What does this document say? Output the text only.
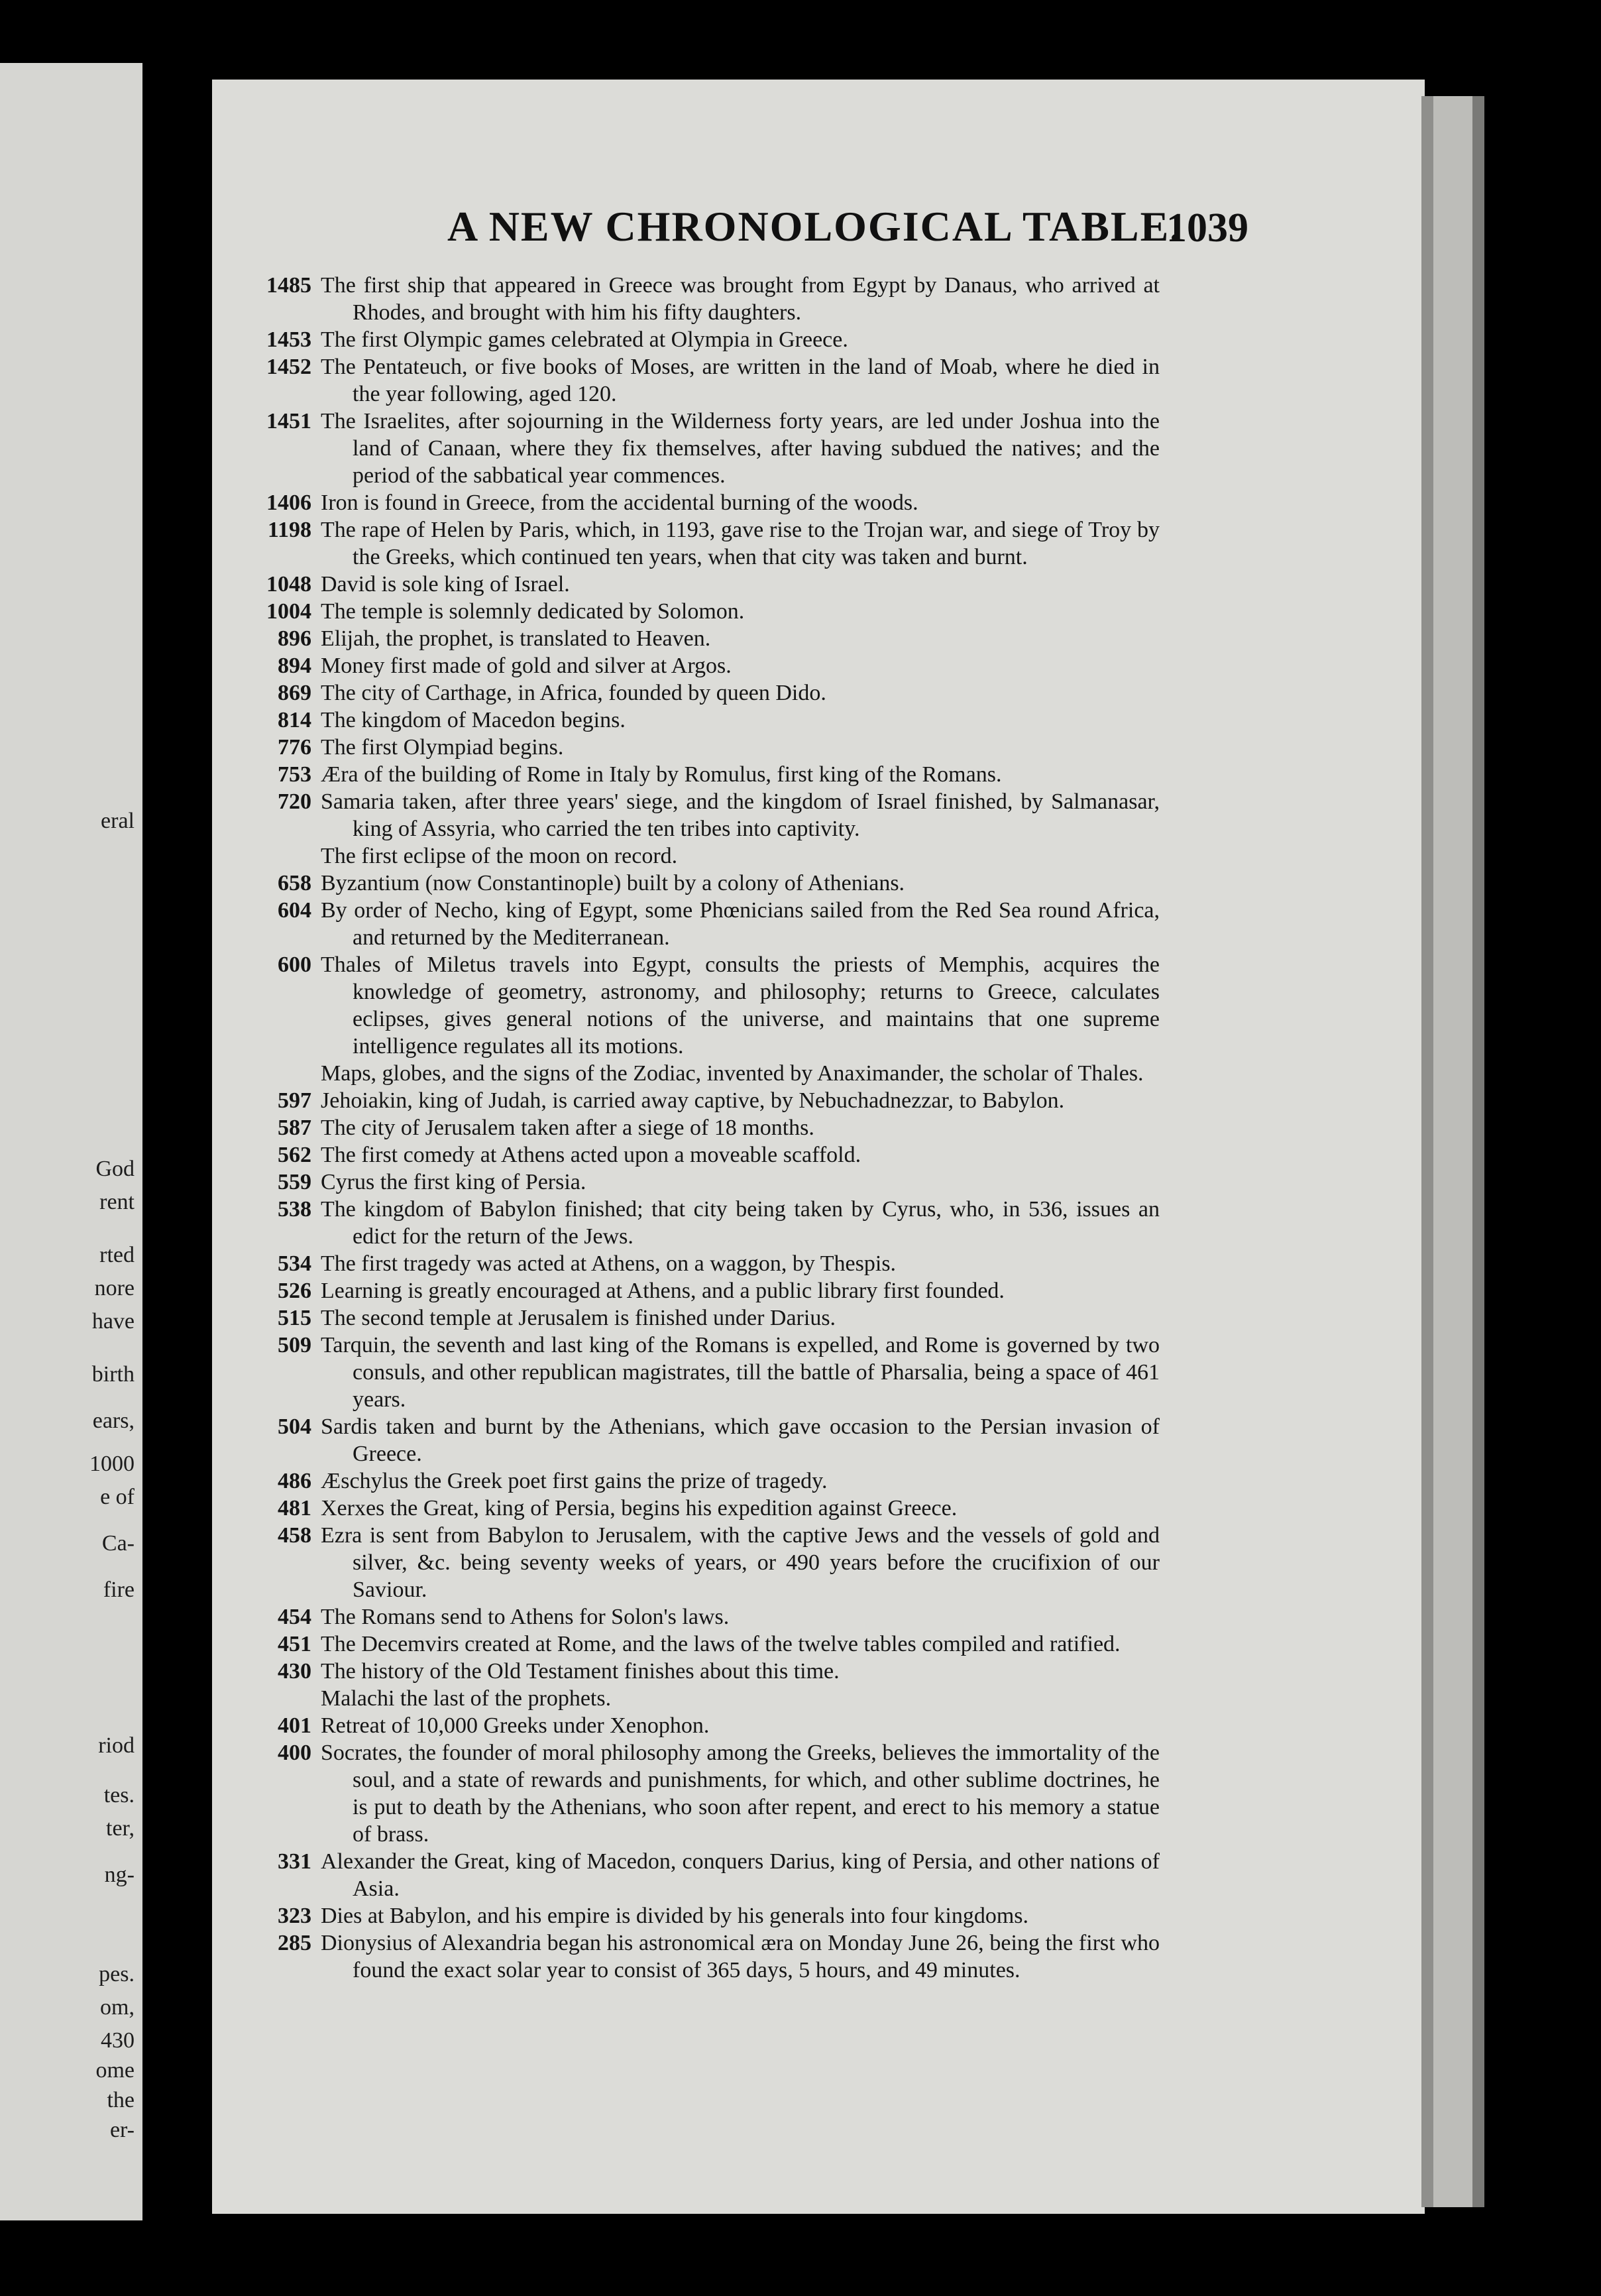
eral
God
rent
rted
nore
have
birth
ears,
1000
e of
Ca-
fire
riod
tes.
ter,
ng-
pes.
om,
430
ome
the
er-
A NEW CHRONOLOGICAL TABLE.
1039
1485 The first ship that appeared in Greece was brought from Egypt by Danaus, who arrived at Rhodes, and brought with him his fifty daughters.
1453 The first Olympic games celebrated at Olympia in Greece.
1452 The Pentateuch, or five books of Moses, are written in the land of Moab, where he died in the year following, aged 120.
1451 The Israelites, after sojourning in the Wilderness forty years, are led under Joshua into the land of Canaan, where they fix themselves, after having subdued the natives; and the period of the sabbatical year commences.
1406 Iron is found in Greece, from the accidental burning of the woods.
1198 The rape of Helen by Paris, which, in 1193, gave rise to the Trojan war, and siege of Troy by the Greeks, which continued ten years, when that city was taken and burnt.
1048 David is sole king of Israel.
1004 The temple is solemnly dedicated by Solomon.
896 Elijah, the prophet, is translated to Heaven.
894 Money first made of gold and silver at Argos.
869 The city of Carthage, in Africa, founded by queen Dido.
814 The kingdom of Macedon begins.
776 The first Olympiad begins.
753 Æra of the building of Rome in Italy by Romulus, first king of the Romans.
720 Samaria taken, after three years' siege, and the kingdom of Israel finished, by Salmanasar, king of Assyria, who carried the ten tribes into captivity.
The first eclipse of the moon on record.
658 Byzantium (now Constantinople) built by a colony of Athenians.
604 By order of Necho, king of Egypt, some Phœnicians sailed from the Red Sea round Africa, and returned by the Mediterranean.
600 Thales of Miletus travels into Egypt, consults the priests of Memphis, acquires the knowledge of geometry, astronomy, and philosophy; returns to Greece, calculates eclipses, gives general notions of the universe, and maintains that one supreme intelligence regulates all its motions.
Maps, globes, and the signs of the Zodiac, invented by Anaximander, the scholar of Thales.
597 Jehoiakin, king of Judah, is carried away captive, by Nebuchadnezzar, to Babylon.
587 The city of Jerusalem taken after a siege of 18 months.
562 The first comedy at Athens acted upon a moveable scaffold.
559 Cyrus the first king of Persia.
538 The kingdom of Babylon finished; that city being taken by Cyrus, who, in 536, issues an edict for the return of the Jews.
534 The first tragedy was acted at Athens, on a waggon, by Thespis.
526 Learning is greatly encouraged at Athens, and a public library first founded.
515 The second temple at Jerusalem is finished under Darius.
509 Tarquin, the seventh and last king of the Romans is expelled, and Rome is governed by two consuls, and other republican magistrates, till the battle of Pharsalia, being a space of 461 years.
504 Sardis taken and burnt by the Athenians, which gave occasion to the Persian invasion of Greece.
486 Æschylus the Greek poet first gains the prize of tragedy.
481 Xerxes the Great, king of Persia, begins his expedition against Greece.
458 Ezra is sent from Babylon to Jerusalem, with the captive Jews and the vessels of gold and silver, &c. being seventy weeks of years, or 490 years before the crucifixion of our Saviour.
454 The Romans send to Athens for Solon's laws.
451 The Decemvirs created at Rome, and the laws of the twelve tables compiled and ratified.
430 The history of the Old Testament finishes about this time.
Malachi the last of the prophets.
401 Retreat of 10,000 Greeks under Xenophon.
400 Socrates, the founder of moral philosophy among the Greeks, believes the immortality of the soul, and a state of rewards and punishments, for which, and other sublime doctrines, he is put to death by the Athenians, who soon after repent, and erect to his memory a statue of brass.
331 Alexander the Great, king of Macedon, conquers Darius, king of Persia, and other nations of Asia.
323 Dies at Babylon, and his empire is divided by his generals into four kingdoms.
285 Dionysius of Alexandria began his astronomical æra on Monday June 26, being the first who found the exact solar year to consist of 365 days, 5 hours, and 49 minutes.
